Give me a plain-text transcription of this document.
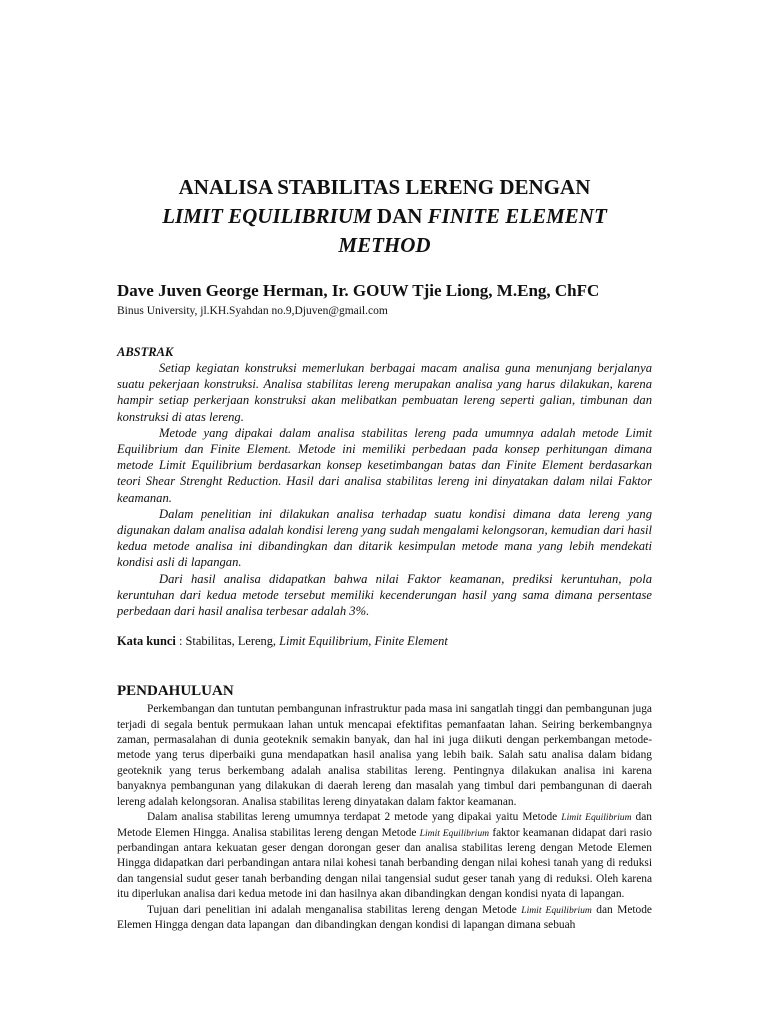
ANALISA STABILITAS LERENG DENGAN
LIMIT EQUILIBRIUM DAN FINITE ELEMENT
METHOD
Dave Juven George Herman, Ir. GOUW Tjie Liong, M.Eng, ChFC
Binus University, jl.KH.Syahdan no.9,Djuven@gmail.com
ABSTRAK

Setiap kegiatan konstruksi memerlukan berbagai macam analisa guna menunjang berjalanya suatu pekerjaan konstruksi. Analisa stabilitas lereng merupakan analisa yang harus dilakukan, karena hampir setiap perkerjaan konstruksi akan melibatkan pembuatan lereng seperti galian, timbunan dan konstruksi di atas lereng.

Metode yang dipakai dalam analisa stabilitas lereng pada umumnya adalah metode Limit Equilibrium dan Finite Element. Metode ini memiliki perbedaan pada konsep perhitungan dimana metode Limit Equilibrium berdasarkan konsep kesetimbangan batas dan Finite Element berdasarkan teori Shear Strenght Reduction. Hasil dari analisa stabilitas lereng ini dinyatakan dalam nilai Faktor keamanan.

Dalam penelitian ini dilakukan analisa terhadap suatu kondisi dimana data lereng yang digunakan dalam analisa adalah kondisi lereng yang sudah mengalami kelongsoran, kemudian dari hasil kedua metode analisa ini dibandingkan dan ditarik kesimpulan metode mana yang lebih mendekati kondisi asli di lapangan.

Dari hasil analisa didapatkan bahwa nilai Faktor keamanan, prediksi keruntuhan, pola keruntuhan dari kedua metode tersebut memiliki kecenderungan hasil yang sama dimana persentase perbedaan dari hasil analisa terbesar adalah 3%.

Kata kunci : Stabilitas, Lereng, Limit Equilibrium, Finite Element
PENDAHULUAN

Perkembangan dan tuntutan pembangunan infrastruktur pada masa ini sangatlah tinggi dan pembangunan juga terjadi di segala bentuk permukaan lahan untuk mencapai efektifitas pemanfaatan lahan. Seiring berkembangnya zaman, permasalahan di dunia geoteknik semakin banyak, dan hal ini juga diikuti dengan perkembangan metode-metode yang terus diperbaiki guna mendapatkan hasil analisa yang lebih baik. Salah satu analisa dalam bidang geoteknik yang terus berkembang adalah analisa stabilitas lereng. Pentingnya dilakukan analisa ini karena banyaknya pembangunan yang dilakukan di daerah lereng dan masalah yang timbul dari pembangunan di daerah lereng adalah kelongsoran. Analisa stabilitas lereng dinyatakan dalam faktor keamanan.

Dalam analisa stabilitas lereng umumnya terdapat 2 metode yang dipakai yaitu Metode Limit Equilibrium dan Metode Elemen Hingga. Analisa stabilitas lereng dengan Metode Limit Equilibrium faktor keamanan didapat dari rasio perbandingan antara kekuatan geser dengan dorongan geser dan analisa stabilitas lereng dengan Metode Elemen Hingga didapatkan dari perbandingan antara nilai kohesi tanah berbanding dengan nilai kohesi tanah yang di reduksi dan tangensial sudut geser tanah berbanding dengan nilai tangensial sudut geser tanah yang di reduksi. Oleh karena itu diperlukan analisa dari kedua metode ini dan hasilnya akan dibandingkan dengan kondisi nyata di lapangan.

Tujuan dari penelitian ini adalah menganalisa stabilitas lereng dengan Metode Limit Equilibrium dan Metode Elemen Hingga dengan data lapangan  dan dibandingkan dengan kondisi di lapangan dimana sebuah
